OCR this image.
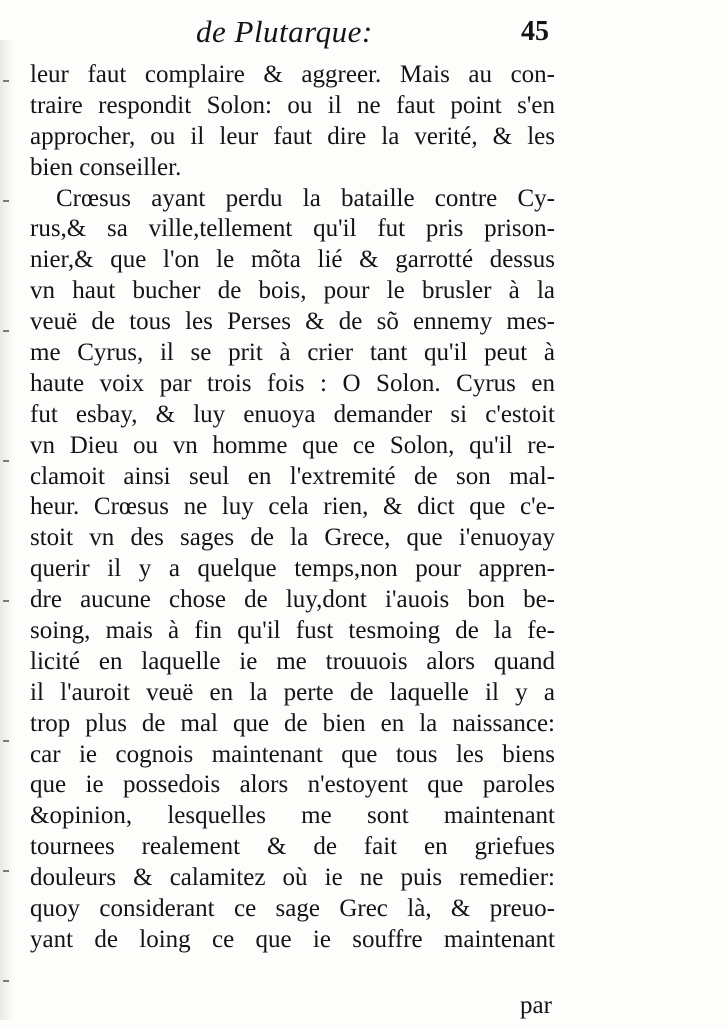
de Plutarque:	45
leur faut complaire & aggreer. Mais au con-
traire respondit Solon: ou il ne faut point s'en
approcher, ou il leur faut dire la verité, & les
bien conseiller.
Crœsus ayant perdu la bataille contre Cy-
rus,& sa ville,tellement qu'il fut pris prison-
nier,& que l'on le mõta lié & garrotté dessus
vn haut bucher de bois, pour le brusler à la
veuë de tous les Perses & de sõ ennemy mes-
me Cyrus, il se prit à crier tant qu'il peut à
haute voix par trois fois : O Solon. Cyrus en
fut esbay, & luy enuoya demander si c'estoit
vn Dieu ou vn homme que ce Solon, qu'il re-
clamoit ainsi seul en l'extremité de son mal-
heur. Crœsus ne luy cela rien, & dict que c'e-
stoit vn des sages de la Grece, que i'enuoyay
querir il y a quelque temps,non pour appren-
dre aucune chose de luy,dont i'auois bon be-
soing, mais à fin qu'il fust tesmoing de la fe-
licité en laquelle ie me trouuois alors quand
il l'auroit veuë en la perte de laquelle il y a
trop plus de mal que de bien en la naissance:
car ie cognois maintenant que tous les biens
que ie possedois alors n'estoyent que paroles
&opinion, lesquelles me sont maintenant
tournees realement & de fait en griefues
douleurs & calamitez où ie ne puis remedier:
quoy considerant ce sage Grec là, & preuo-
yant de loing ce que ie souffre maintenant
par
